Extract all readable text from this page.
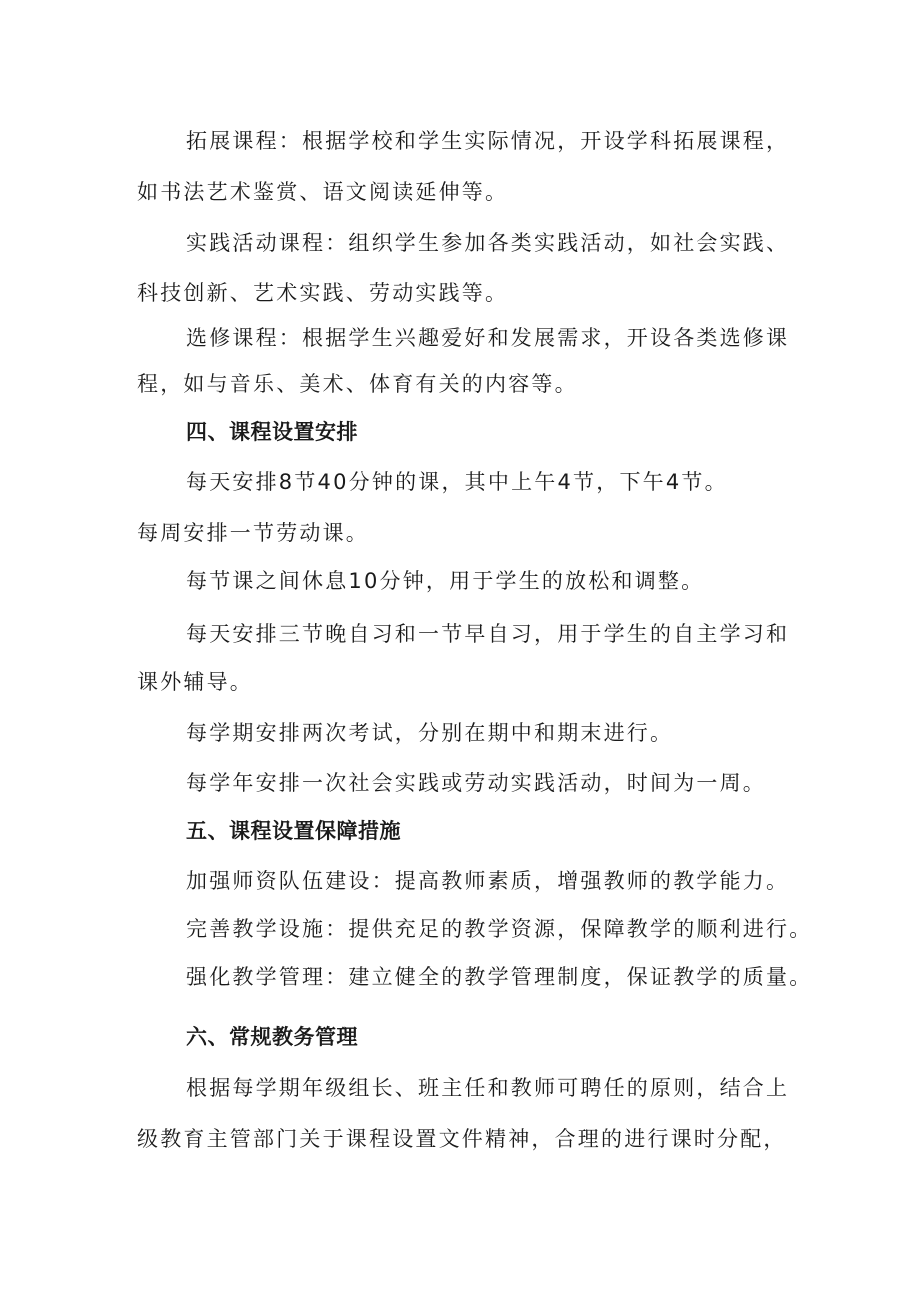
拓展课程：根据学校和学生实际情况，开设学科拓展课程，
如书法艺术鉴赏、语文阅读延伸等。
实践活动课程：组织学生参加各类实践活动，如社会实践、
科技创新、艺术实践、劳动实践等。
选修课程：根据学生兴趣爱好和发展需求，开设各类选修课
程，如与音乐、美术、体育有关的内容等。
四、课程设置安排
每天安排8节40分钟的课，其中上午4节，下午4节。
每周安排一节劳动课。
每节课之间休息10分钟，用于学生的放松和调整。
每天安排三节晚自习和一节早自习，用于学生的自主学习和
课外辅导。
每学期安排两次考试，分别在期中和期末进行。
每学年安排一次社会实践或劳动实践活动，时间为一周。
五、课程设置保障措施
加强师资队伍建设：提高教师素质，增强教师的教学能力。
完善教学设施：提供充足的教学资源，保障教学的顺利进行。
强化教学管理：建立健全的教学管理制度，保证教学的质量。
六、常规教务管理
根据每学期年级组长、班主任和教师可聘任的原则，结合上
级教育主管部门关于课程设置文件精神，合理的进行课时分配，
